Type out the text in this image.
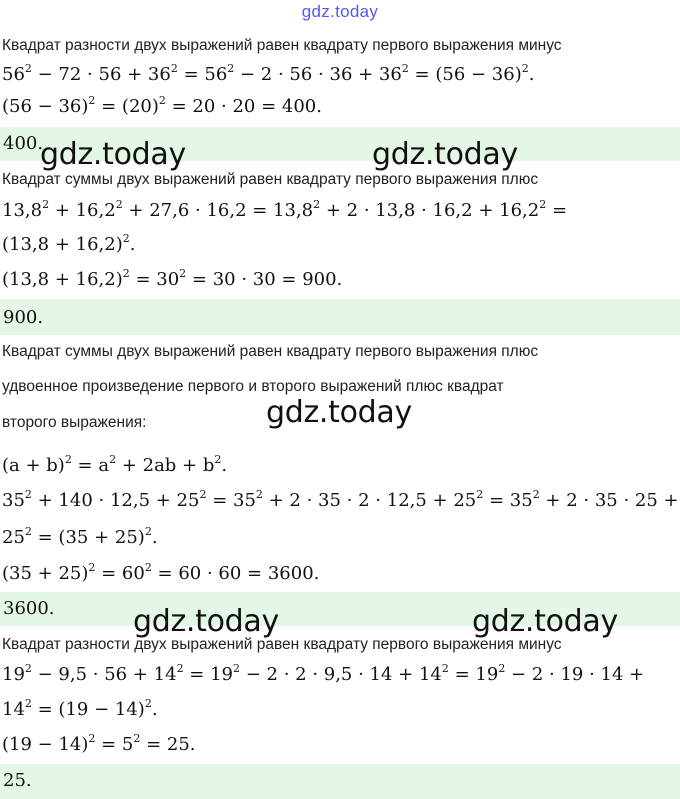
gdz.today
Квадрат разности двух выражений равен квадрату первого выражения минус
$56^2 - 72 \cdot 56 + 36^2 = 56^2 - 2 \cdot 56 \cdot 36 + 36^2 = (56 - 36)^2$.
$(56 - 36)^2 = (20)^2 = 20 \cdot 20 = 400$.
400.
gdz.today	gdz.today
Квадрат суммы двух выражений равен квадрату первого выражения плюс
$13,8^2 + 16,2^2 + 27,6 \cdot 16,2 = 13,8^2 + 2 \cdot 13,8 \cdot 16,2 + 16,2^2$ =
$(13,8 + 16,2)^2$.
$(13,8 + 16,2)^2 = 30^2 = 30 \cdot 30 = 900$.
900.
Квадрат суммы двух выражений равен квадрату первого выражения плюс
удвоенное произведение первого и второго выражений плюс квадрат
второго выражения:	gdz.today
$(a + b)^2 = a^2 + 2ab + b^2$.
$35^2 + 140 \cdot 12,5 + 25^2 = 35^2 + 2 \cdot 35 \cdot 2 \cdot 12,5 + 25^2 = 35^2 + 2 \cdot 35 \cdot 25$ +
$25^2 = (35 + 25)^2$.
$(35 + 25)^2 = 60^2 = 60 \cdot 60 = 3600$.
3600.	gdz.today	gdz.today
Квадрат разности двух выражений равен квадрату первого выражения минус
$19^2 - 9,5 \cdot 56 + 14^2 = 19^2 - 2 \cdot 2 \cdot 9,5 \cdot 14 + 14^2 = 19^2 - 2 \cdot 19 \cdot 14$ +
$14^2 = (19 - 14)^2$.
$(19 - 14)^2 = 5^2 = 25$.
25.
